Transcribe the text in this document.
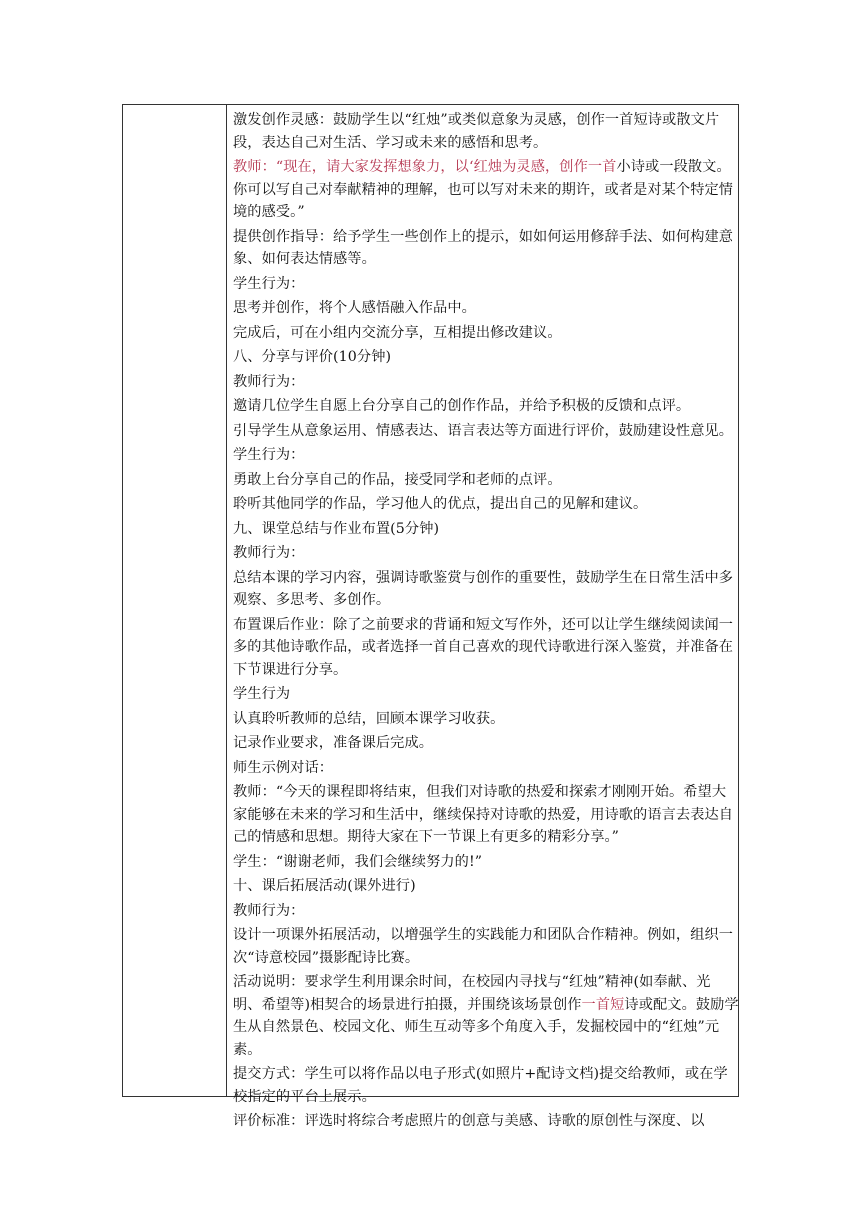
激发创作灵感：鼓励学生以“红烛”或类似意象为灵感，创作一首短诗或散文片段，表达自己对生活、学习或未来的感悟和思考。

教师：“现在，请大家发挥想象力，以‘红烛为灵感，创作一首小诗或一段散文。你可以写自己对奉献精神的理解，也可以写对未来的期许，或者是对某个特定情境的感受。”

提供创作指导：给予学生一些创作上的提示，如如何运用修辞手法、如何构建意象、如何表达情感等。

学生行为：

思考并创作，将个人感悟融入作品中。

完成后，可在小组内交流分享，互相提出修改建议。

八、分享与评价(10分钟)

教师行为：

邀请几位学生自愿上台分享自己的创作作品，并给予积极的反馈和点评。

引导学生从意象运用、情感表达、语言表达等方面进行评价，鼓励建设性意见。

学生行为：

勇敢上台分享自己的作品，接受同学和老师的点评。

聆听其他同学的作品，学习他人的优点，提出自己的见解和建议。

九、课堂总结与作业布置(5分钟)

教师行为：

总结本课的学习内容，强调诗歌鉴赏与创作的重要性，鼓励学生在日常生活中多观察、多思考、多创作。

布置课后作业：除了之前要求的背诵和短文写作外，还可以让学生继续阅读闻一多的其他诗歌作品，或者选择一首自己喜欢的现代诗歌进行深入鉴赏，并准备在下节课进行分享。

学生行为

认真聆听教师的总结，回顾本课学习收获。

记录作业要求，准备课后完成。

师生示例对话：

教师：“今天的课程即将结束，但我们对诗歌的热爱和探索才刚刚开始。希望大家能够在未来的学习和生活中，继续保持对诗歌的热爱，用诗歌的语言去表达自己的情感和思想。期待大家在下一节课上有更多的精彩分享。”

学生：“谢谢老师，我们会继续努力的!”

十、课后拓展活动(课外进行)

教师行为：

设计一项课外拓展活动，以增强学生的实践能力和团队合作精神。例如，组织一次“诗意校园”摄影配诗比赛。

活动说明：要求学生利用课余时间，在校园内寻找与“红烛”精神(如奉献、光明、希望等)相契合的场景进行拍摄，并围绕该场景创作一首短诗或配文。鼓励学生从自然景色、校园文化、师生互动等多个角度入手，发掘校园中的“红烛”元素。

提交方式：学生可以将作品以电子形式(如照片+配诗文档)提交给教师，或在学校指定的平台上展示。

评价标准：评选时将综合考虑照片的创意与美感、诗歌的原创性与深度、以
